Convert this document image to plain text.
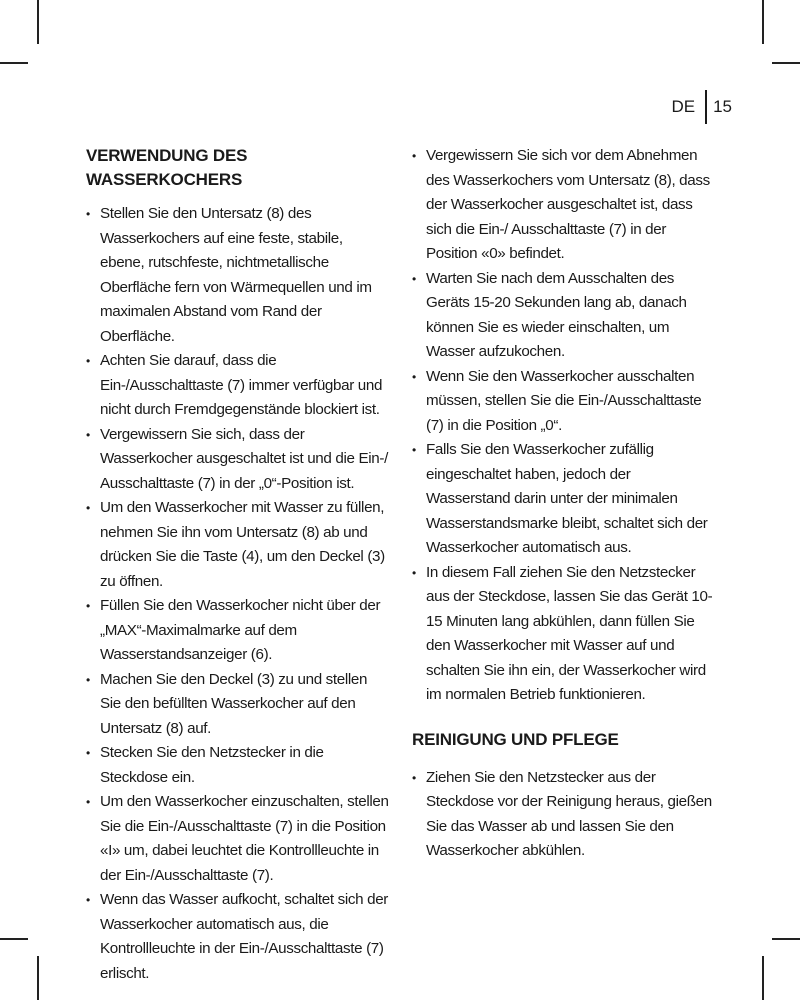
DE 15
VERWENDUNG DES WASSERKOCHERS
• Stellen Sie den Untersatz (8) des Wasserkochers auf eine feste, stabile, ebene, rutschfeste, nichtmetallische Oberfläche fern von Wärmequellen und im maximalen Abstand vom Rand der Oberfläche.
• Achten Sie darauf, dass die Ein-/Ausschalttaste (7) immer verfügbar und nicht durch Fremdgegenstände blockiert ist.
• Vergewissern Sie sich, dass der Wasserkocher ausgeschaltet ist und die Ein-/ Ausschalttaste (7) in der „0“-Position ist.
• Um den Wasserkocher mit Wasser zu füllen, nehmen Sie ihn vom Untersatz (8) ab und drücken Sie die Taste (4), um den Deckel (3) zu öffnen.
• Füllen Sie den Wasserkocher nicht über der „MAX“-Maximalmarke auf dem Wasserstandsanzeiger (6).
• Machen Sie den Deckel (3) zu und stellen Sie den befüllten Wasserkocher auf den Untersatz (8) auf.
• Stecken Sie den Netzstecker in die Steckdose ein.
• Um den Wasserkocher einzuschalten, stellen Sie die Ein-/Ausschalttaste (7) in die Position «I» um, dabei leuchtet die Kontrollleuchte in der Ein-/Ausschalttaste (7).
• Wenn das Wasser aufkocht, schaltet sich der Wasserkocher automatisch aus, die Kontrollleuchte in der Ein-/Ausschalttaste (7) erlischt.
• Vergewissern Sie sich vor dem Abnehmen des Wasserkochers vom Untersatz (8), dass der Wasserkocher ausgeschaltet ist, dass sich die Ein-/ Ausschalttaste (7) in der Position «0» befindet.
• Warten Sie nach dem Ausschalten des Geräts 15-20 Sekunden lang ab, danach können Sie es wieder einschalten, um Wasser aufzukochen.
• Wenn Sie den Wasserkocher ausschalten müssen, stellen Sie die Ein-/Ausschalttaste (7) in die Position „0“.
• Falls Sie den Wasserkocher zufällig eingeschaltet haben, jedoch der Wasserstand darin unter der minimalen Wasserstandsmarke bleibt, schaltet sich der Wasserkocher automatisch aus.
• In diesem Fall ziehen Sie den Netzstecker aus der Steckdose, lassen Sie das Gerät 10-15 Minuten lang abkühlen, dann füllen Sie den Wasserkocher mit Wasser auf und schalten Sie ihn ein, der Wasserkocher wird im normalen Betrieb funktionieren.
REINIGUNG UND PFLEGE
• Ziehen Sie den Netzstecker aus der Steckdose vor der Reinigung heraus, gießen Sie das Wasser ab und lassen Sie den Wasserkocher abkühlen.
